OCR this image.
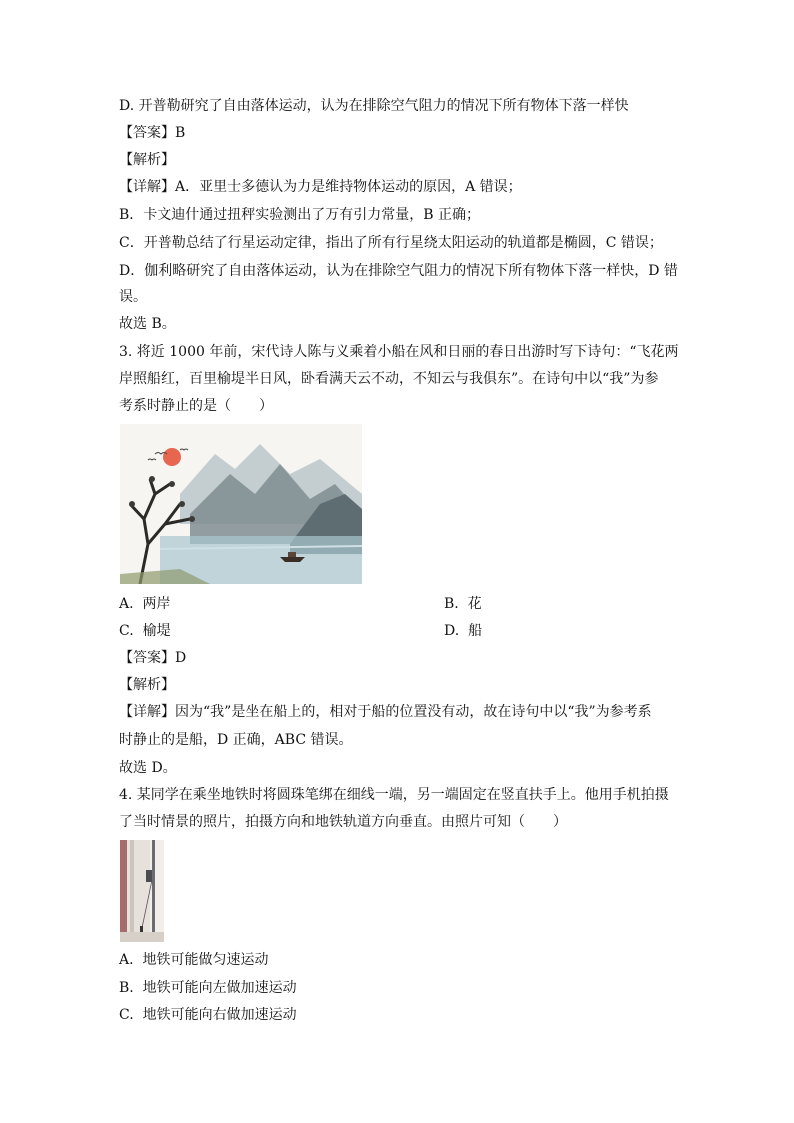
D. 开普勒研究了自由落体运动，认为在排除空气阻力的情况下所有物体下落一样快
【答案】B
【解析】
【详解】A．亚里士多德认为力是维持物体运动的原因，A 错误；
B．卡文迪什通过扭秤实验测出了万有引力常量，B 正确；
C．开普勒总结了行星运动定律，指出了所有行星绕太阳运动的轨道都是椭圆，C 错误；
D．伽利略研究了自由落体运动，认为在排除空气阻力的情况下所有物体下落一样快，D 错
误。
故选 B。
3. 将近 1000 年前，宋代诗人陈与义乘着小船在风和日丽的春日出游时写下诗句：“飞花两
岸照船红，百里榆堤半日风，卧看满天云不动，不知云与我俱东”。在诗句中以“我”为参
考系时静止的是（　　）
A. 两岸	B. 花
C. 榆堤	D. 船
【答案】D
【解析】
【详解】因为“我”是坐在船上的，相对于船的位置没有动，故在诗句中以“我”为参考系
时静止的是船，D 正确，ABC 错误。
故选 D。
4. 某同学在乘坐地铁时将圆珠笔绑在细线一端，另一端固定在竖直扶手上。他用手机拍摄
了当时情景的照片，拍摄方向和地铁轨道方向垂直。由照片可知（　　）
A. 地铁可能做匀速运动
B. 地铁可能向左做加速运动
C. 地铁可能向右做加速运动
